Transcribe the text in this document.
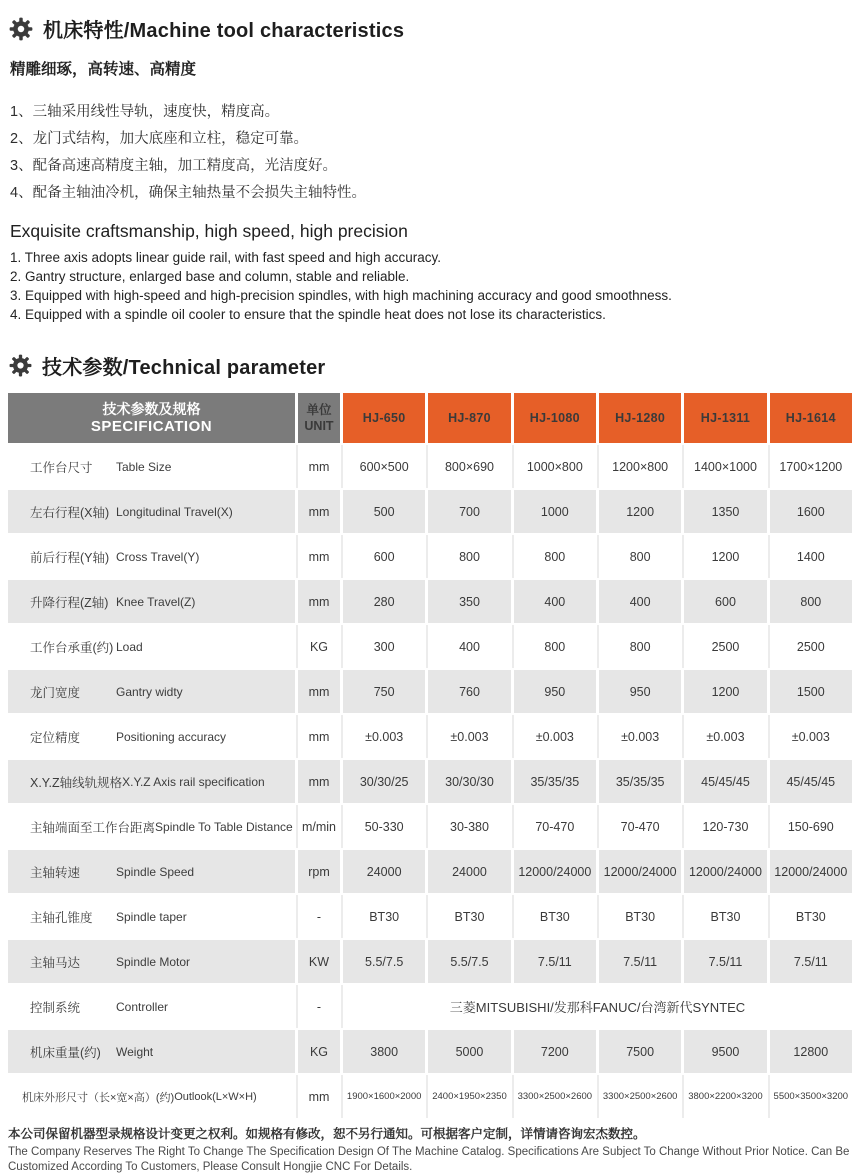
机床特性/Machine tool characteristics
精雕细琢，高转速、高精度
1、三轴采用线性导轨，速度快，精度高。
2、龙门式结构，加大底座和立柱，稳定可靠。
3、配备高速高精度主轴，加工精度高，光洁度好。
4、配备主轴油冷机，确保主轴热量不会损失主轴特性。
Exquisite craftsmanship, high speed, high precision
1. Three axis adopts linear guide rail, with fast speed and high accuracy.
2. Gantry structure, enlarged base and column, stable and reliable.
3. Equipped with high-speed and high-precision spindles, with high machining accuracy and good smoothness.
4. Equipped with a spindle oil cooler to ensure that the spindle heat does not lose its characteristics.
技术参数/Technical parameter
技术参数及规格
SPECIFICATION
单位
UNIT
HJ-650	HJ-870	HJ-1080	HJ-1280	HJ-1311	HJ-1614
工作台尺寸	Table Size	mm	600×500	800×690	1000×800	1200×800	1400×1000	1700×1200
左右行程(X轴) Longitudinal Travel(X)	mm	500	700	1000	1200	1350	1600
前后行程(Y轴) Cross Travel(Y)	mm	600	800	800	800	1200	1400
升降行程(Z轴) Knee Travel(Z)	mm	280	350	400	400	600	800
工作台承重(约) Load	KG	300	400	800	800	2500	2500
龙门宽度	Gantry widty	mm	750	760	950	950	1200	1500
定位精度	Positioning accuracy	mm	±0.003	±0.003	±0.003	±0.003	±0.003	±0.003
X.Y.Z轴线轨规格 X.Y.Z Axis rail specification	mm	30/30/25	30/30/30	35/35/35	35/35/35	45/45/45	45/45/45
主轴端面至工作台距离 Spindle To Table Distance m/min	50-330	30-380	70-470	70-470	120-730	150-690
主轴转速	Spindle Speed	rpm	24000	24000	12000/24000 12000/24000 12000/24000 12000/24000
主轴孔锥度	Spindle taper	-	BT30	BT30	BT30	BT30	BT30	BT30
主轴马达	Spindle Motor	KW	5.5/7.5	5.5/7.5	7.5/11	7.5/11	7.5/11	7.5/11
控制系统	Controller	-	三菱MITSUBISHI/发那科FANUC/台湾新代SYNTEC
机床重量(约)	Weight	KG	3800	5000	7200	7500	9500	12800
机床外形尺寸（长×宽×高）(约) Outlook(L×W×H)	mm	1900×1600×2000	2400×1950×2350	3300×2500×2600	3300×2500×2600	3800×2200×3200	5500×3500×3200
本公司保留机器型录规格设计变更之权利。如规格有修改，恕不另行通知。可根据客户定制，详情请咨询宏杰数控。
The Company Reserves The Right To Change The Specification Design Of The Machine Catalog. Specifications Are Subject To Change Without Prior Notice. Can Be Customized According To Customers, Please Consult Hongjie CNC For Details.
